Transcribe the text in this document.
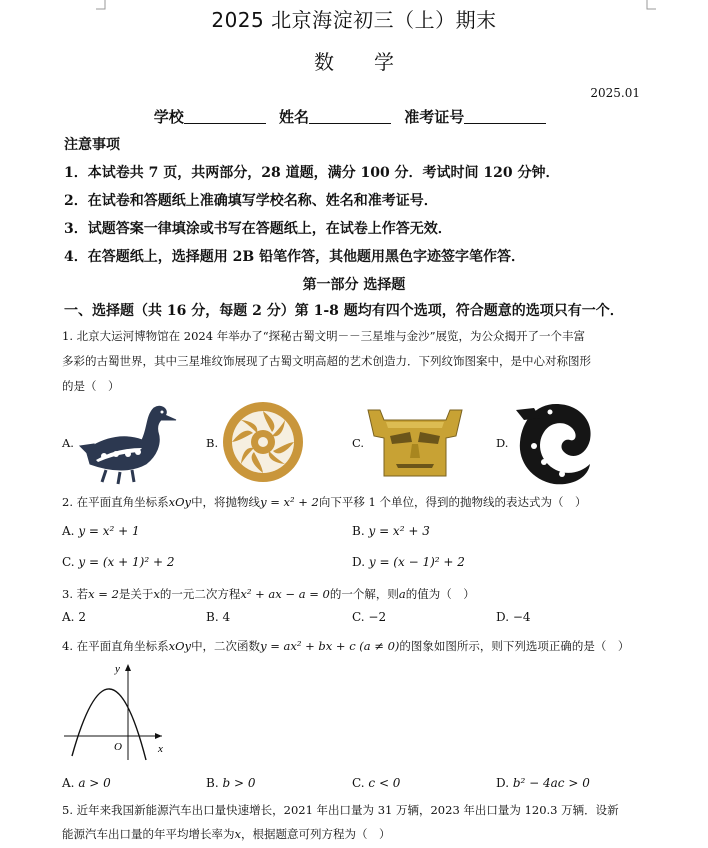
2025 北京海淀初三（上）期末
数学
2025.01
学校	姓名	准考证号
注意事项
1．本试卷共 7 页，共两部分，28 道题，满分 100 分．考试时间 120 分钟．
2．在试卷和答题纸上准确填写学校名称、姓名和准考证号．
3．试题答案一律填涂或书写在答题纸上，在试卷上作答无效．
4．在答题纸上，选择题用 2B 铅笔作答，其他题用黑色字迹签字笔作答．
第一部分 选择题
一、选择题（共 16 分，每题 2 分）第 1-8 题均有四个选项，符合题意的选项只有一个．
1. 北京大运河博物馆在 2024 年举办了“探秘古蜀文明－－三星堆与金沙”展览，为公众揭开了一个丰富
多彩的古蜀世界，其中三星堆纹饰展现了古蜀文明高超的艺术创造力．下列纹饰图案中，是中心对称图形
的是（　）
A.	B.	C.	D.
2. 在平面直角坐标系xOy中，将抛物线y = x² + 2向下平移 1 个单位，得到的抛物线的表达式为（　）
A. y = x² + 1	B. y = x² + 3
C. y = (x + 1)² + 2	D. y = (x − 1)² + 2
3. 若x = 2是关于x的一元二次方程x² + ax − a = 0的一个解，则a的值为（　）
A. 2	B. 4	C. −2	D. −4
4. 在平面直角坐标系xOy中，二次函数y = ax² + bx + c (a ≠ 0)的图象如图所示，则下列选项正确的是（　）
y
x
O
A. a > 0	B. b > 0	C. c < 0	D. b² − 4ac > 0
5. 近年来我国新能源汽车出口量快速增长，2021 年出口量为 31 万辆，2023 年出口量为 120.3 万辆．设新
能源汽车出口量的年平均增长率为x，根据题意可列方程为（　）
